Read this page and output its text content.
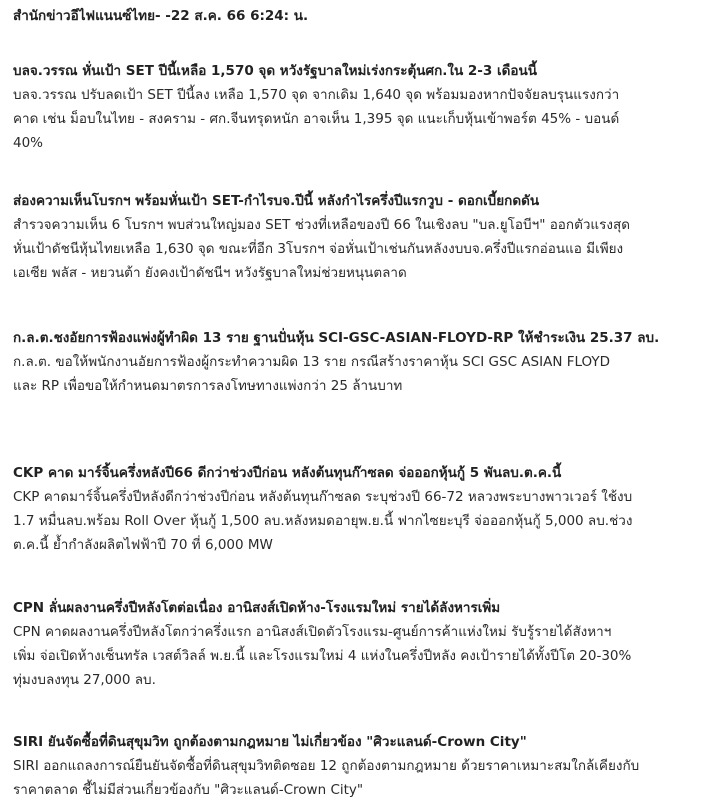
สำนักข่าวอีไฟแนนซ์ไทย- -22 ส.ค. 66 6:24: น.
บลจ.วรรณ หั่นเป้า SET ปีนี้เหลือ 1,570 จุด หวังรัฐบาลใหม่เร่งกระตุ้นศก.ใน 2-3 เดือนนี้
บลจ.วรรณ ปรับลดเป้า SET ปีนี้ลง เหลือ 1,570 จุด จากเดิม 1,640 จุด พร้อมมองหากปัจจัยลบรุนแรงกว่า
คาด เช่น ม็อบในไทย - สงคราม - ศก.จีนทรุดหนัก อาจเห็น 1,395 จุด แนะเก็บหุ้นเข้าพอร์ต 45% - บอนด์
40%
ส่องความเห็นโบรกฯ พร้อมหั่นเป้า SET-กำไรบจ.ปีนี้ หลังกำไรครึ่งปีแรกวูบ - ดอกเบี้ยกดดัน
สำรวจความเห็น 6 โบรกฯ พบส่วนใหญ่มอง SET ช่วงที่เหลือของปี 66 ในเชิงลบ "บล.ยูโอบีฯ" ออกตัวแรงสุด
หั่นเป้าดัชนีหุ้นไทยเหลือ 1,630 จุด ขณะที่อีก 3โบรกฯ จ่อหั่นเป้าเช่นกันหลังงบบจ.ครึ่งปีแรกอ่อนแอ มีเพียง
เอเซีย พลัส - หยวนต้า ยังคงเป้าดัชนีฯ หวังรัฐบาลใหม่ช่วยหนุนตลาด
ก.ล.ต.ชงอัยการฟ้องแพ่งผู้ทำผิด 13 ราย ฐานปั่นหุ้น SCI-GSC-ASIAN-FLOYD-RP ให้ชำระเงิน 25.37 ลบ.
ก.ล.ต. ขอให้พนักงานอัยการฟ้องผู้กระทำความผิด 13 ราย กรณีสร้างราคาหุ้น SCI GSC ASIAN FLOYD
และ RP เพื่อขอให้กำหนดมาตรการลงโทษทางแพ่งกว่า 25 ล้านบาท
CKP คาด มาร์จิ้นครึ่งหลังปี66 ดีกว่าช่วงปีก่อน หลังต้นทุนก๊าซลด จ่อออกหุ้นกู้ 5 พันลบ.ต.ค.นี้
CKP คาดมาร์จิ้นครึ่งปีหลังดีกว่าช่วงปีก่อน หลังต้นทุนก๊าซลด ระบุช่วงปี 66-72 หลวงพระบางพาวเวอร์ ใช้งบ
1.7 หมื่นลบ.พร้อม Roll Over หุ้นกู้ 1,500 ลบ.หลังหมดอายุพ.ย.นี้ ฟากไซยะบุรี จ่อออกหุ้นกู้ 5,000 ลบ.ช่วง
ต.ค.นี้ ย้ำกำลังผลิตไฟฟ้าปี 70 ที่ 6,000 MW
CPN ลั่นผลงานครึ่งปีหลังโตต่อเนื่อง อานิสงส์เปิดห้าง-โรงแรมใหม่ รายได้ลังหารเพิ่ม
CPN คาดผลงานครึ่งปีหลังโตกว่าครึ่งแรก อานิสงส์เปิดตัวโรงแรม-ศูนย์การค้าแห่งใหม่ รับรู้รายได้สังหาฯ
เพิ่ม จ่อเปิดห้างเซ็นทรัล เวสต์วิลล์ พ.ย.นี้ และโรงแรมใหม่ 4 แห่งในครึ่งปีหลัง คงเป้ารายได้ทั้งปีโต 20-30%
ทุ่มงบลงทุน 27,000 ลบ.
SIRI ยันจัดซื้อที่ดินสุขุมวิท ถูกต้องตามกฎหมาย ไม่เกี่ยวข้อง "ศิวะแลนด์-Crown City"
SIRI ออกแถลงการณ์ยืนยันจัดซื้อที่ดินสุขุมวิทติดซอย 12 ถูกต้องตามกฎหมาย ด้วยราคาเหมาะสมใกล้เคียงกับ
ราคาตลาด ชี้ไม่มีส่วนเกี่ยวข้องกับ "ศิวะแลนด์-Crown City"
